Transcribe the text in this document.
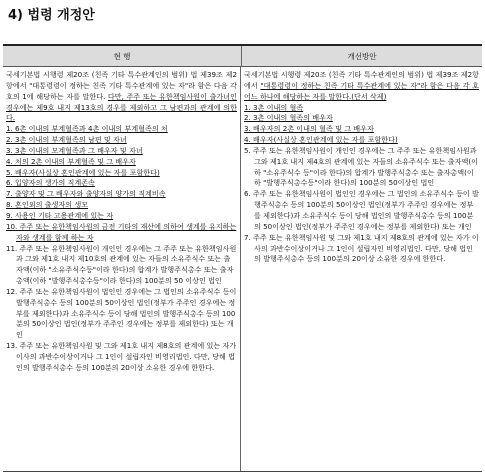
4) 법령 개정안
현 행	개선방안

국세기본법 시행령 제20조 (친족 기타 특수관계인의 범위) 법 제39조 제2항에서 "대통령령이 정하는 친족 기타 특수관계에 있는 자"라 함은 다음 각 호의 1에 해당하는 자를 말한다. 다만, 주주 또는 유한책임사원이 출가녀인 경우에는 제9호 내지 제13호의 경우를 제외하고 그 남편과의 관계에 의한다.

1. 6촌 이내의 부계혈족과 4촌 이내의 부계혈족의 처

2. 3촌 이내의 부계혈족의 남편 및 자녀

3. 3촌 이내의 모계혈족과 그 배우자 및 자녀

4. 처의 2촌 이내의 부계혈족 및 그 배우자

5. 배우자(사실상 혼인관계에 있는 자를 포함한다)

6. 입양자의 생가의 직계존속

7. 출양자 및 그 배우자와 출양자의 양가의 직계비속

8. 혼인외의 출생자의 생모

9. 사용인 기타 고용관계에 있는 자

10. 주주 또는 유한책임사원의 금전 기타의 재산에 의하여 생계를 유지하는 자와 생계를 함께 하는 자

11. 주주 또는 유한책임사원이 개인인 경우에는 그 주주 또는 유한책임사원과 그와 제1호 내지 제10호의 관계에 있는 자들의 소유주식수 또는 출자액(이하 "소유주식수등"이라 한다)의 합계가 발행주식총수 또는 출자총액(이하 "발행주식총수등"이라 한다)의 100분의 50 이상인 법인

12. 주주 또는 유한책임사원이 법인인 경우에는 그 법인의 소유주식수 등이 발행주식총수 등의 100분의 50이상인 법인(정부가 주주인 경우에는 정부를 제외한다)과 소유주식수 등이 당해 법인의 발행주식총수 등의 100분의 50이상인 법인(정부가 주주인 경우에는 정부를 제외한다) 또는 개인

13. 주주 또는 유한책임사원 및 그와 제1호 내지 제8호의 관계에 있는 자가 이사의 과반수이상이거나 그 1인이 설립자인 비영리법인. 다만, 당해 법인의 발행주식총수 등의 100분의 20이상 소유한 경우에 한한다.

국세기본법 시행령 제20조 (친족 기타 특수관계인의 범위) 법 제39조 제2항에서 "대통령령이 정하는 친족 기타 특수관계에 있는 자"라 함은 다음 각 호 어느 하나에 해당하는 자를 말한다.(단서 삭제)

1. 3촌 이내의 혈족

2. 3촌 이내의 혈족의 배우자

3. 배우자의 2촌 이내의 혈족 및 그 배우자

4. 배우자(사실상 혼인관계에 있는 자를 포함한다)

5. 주주 또는 유한책임사원이 개인인 경우에는 그 주주 또는 유한책임사원과 그와 제1호 내지 제4호의 관계에 있는 자들의 소유주식수 또는 출자액(이하 "소유주식수 등"이라 한다)의 합계가 발행주식총수 또는 출자총액(이하 "발행주식총수등"이라 한다)의 100분의 50이상인 법인

6. 주주 또는 유한책임사원이 법인인 경우에는 그 법인의 소유주식수 등이 발행주식총수 등의 100분의 50이상인 법인(정부가 주주인 경우에는 정부를 제외한다)과 소유주식수 등이 당해 법인의 발행주식총수 등의 100분의 50이상인 법인(정부가 주주인 경우에는 정부를 제외한다) 또는 개인

7. 주주 또는 유한책임사원 및 그와 제1호 내지 제8호의 관계에 있는 자가 이사의 과반수이상이거나 그 1인이 설립자인 비영리법인. 다만, 당해 법인의 발행주식총수 등의 100분의 20이상 소유한 경우에 한한다.
